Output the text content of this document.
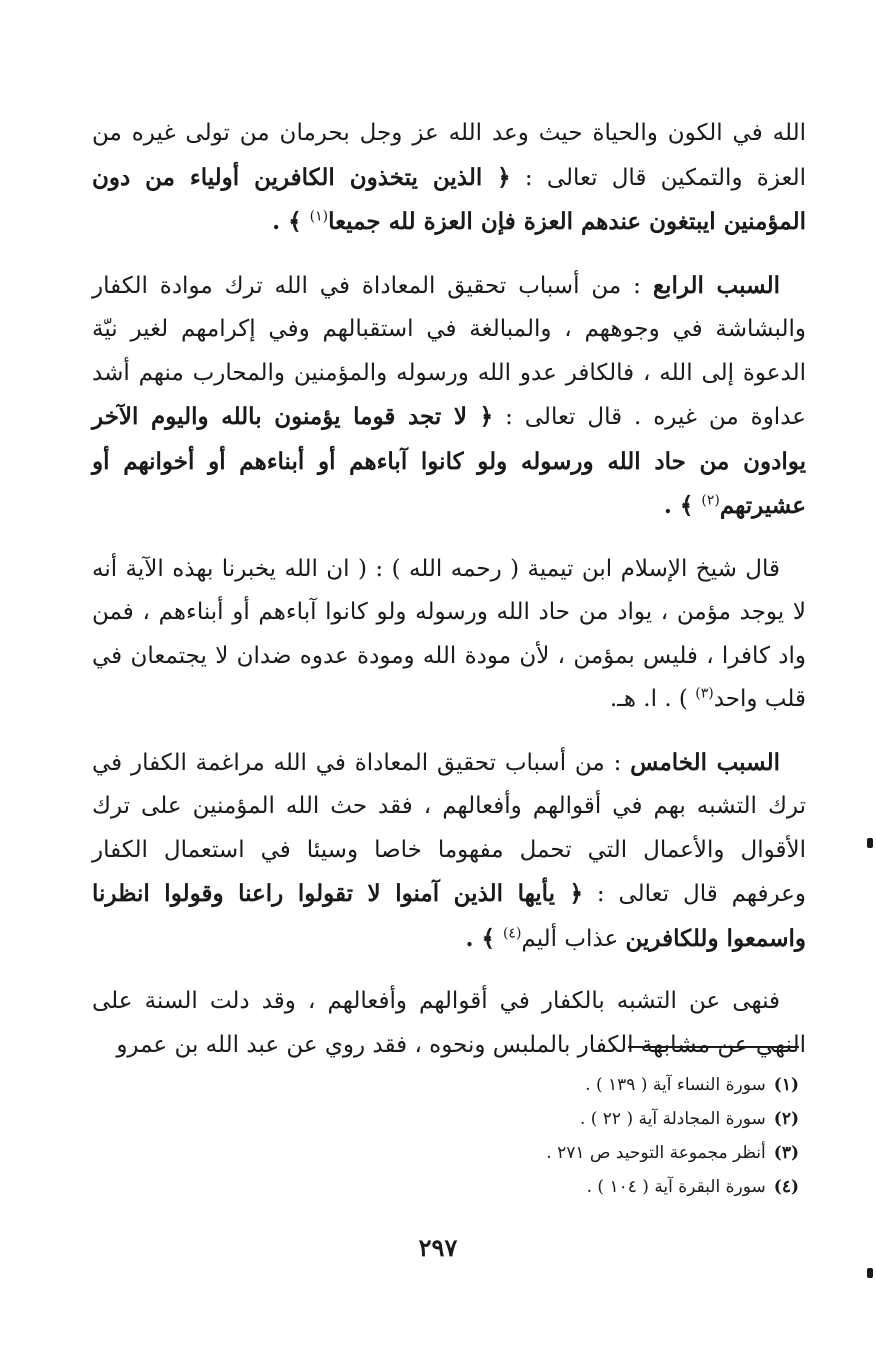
الله في الكون والحياة حيث وعد الله عز وجل بحرمان من تولى غيره من العزة والتمكين قال تعالى : ﴿ الذين يتخذون الكافرين أولياء من دون المؤمنين ايبتغون عندهم العزة فإن العزة لله جميعا$^{(١)}$ ﴾ .

السبب الرابع : من أسباب تحقيق المعاداة في الله ترك موادة الكفار والبشاشة في وجوههم ، والمبالغة في استقبالهم وفي إكرامهم لغير نيّة الدعوة إلى الله ، فالكافر عدو الله ورسوله والمؤمنين والمحارب منهم أشد عداوة من غيره . قال تعالى : ﴿ لا تجد قوما يؤمنون بالله واليوم الآخر يوادون من حاد الله ورسوله ولو كانوا آباءهم أو أبناءهم أو أخوانهم أو عشيرتهم$^{(٢)}$ ﴾ .

قال شيخ الإسلام ابن تيمية ( رحمه الله ) : ( ان الله يخبرنا بهذه الآية أنه لا يوجد مؤمن ، يواد من حاد الله ورسوله ولو كانوا آباءهم أو أبناءهم ، فمن واد كافرا ، فليس بمؤمن ، لأن مودة الله ومودة عدوه ضدان لا يجتمعان في قلب واحد$^{(٣)}$ ) . ا. هـ.

السبب الخامس : من أسباب تحقيق المعاداة في الله مراغمة الكفار في ترك التشبه بهم في أقوالهم وأفعالهم ، فقد حث الله المؤمنين على ترك الأقوال والأعمال التي تحمل مفهوما خاصا وسيئا في استعمال الكفار وعرفهم قال تعالى : ﴿ يأيها الذين آمنوا لا تقولوا راعنا وقولوا انظرنا واسمعوا وللكافرين عذاب أليم$^{(٤)}$ ﴾ .

فنهى عن التشبه بالكفار في أقوالهم وأفعالهم ، وقد دلت السنة على النهي عن مشابهة الكفار بالملبس ونحوه ، فقد روي عن عبد الله بن عمرو

(١)سورة النساء آية ( ١٣٩ ) .
(٢)سورة المجادلة آية ( ٢٢ ) .
(٣)أنظر مجموعة التوحيد ص ٢٧١ .
(٤)سورة البقرة آية ( ١٠٤ ) .
٢٩٧
